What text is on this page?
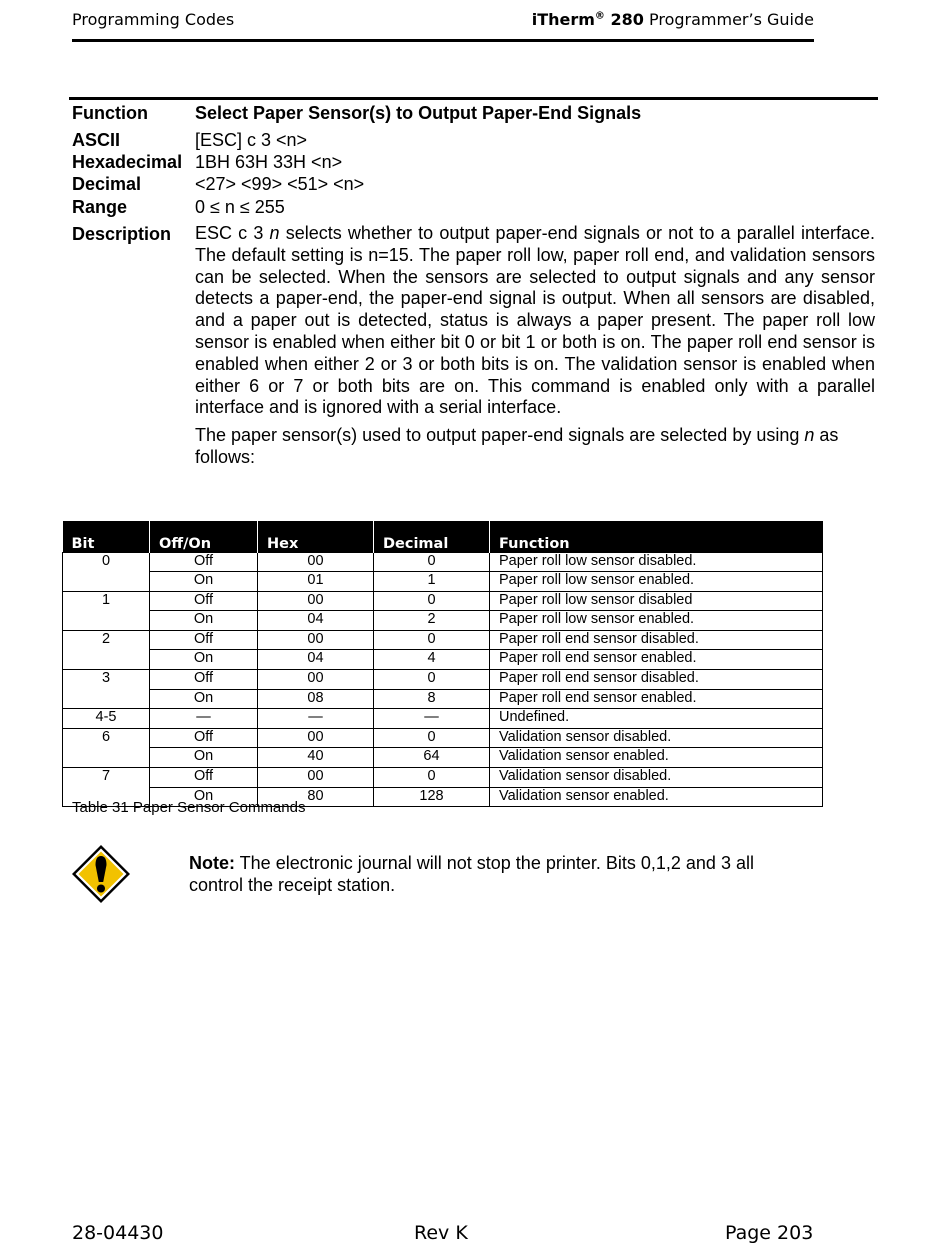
Programming Codes	iTherm® 280 Programmer’s Guide
Function	Select Paper Sensor(s) to Output Paper-End Signals
ASCII	[ESC] c 3 <n>
Hexadecimal 1BH 63H 33H <n>
Decimal	<27> <99> <51> <n>
Range	0 ≤ n ≤ 255
Description ESC c 3 n selects whether to output paper-end signals or not to a parallel interface. The default setting is n=15. The paper roll low, paper roll end, and validation sensors can be selected. When the sensors are selected to output signals and any sensor detects a paper-end, the paper-end signal is output. When all sensors are disabled, and a paper out is detected, status is always a paper present. The paper roll low sensor is enabled when either bit 0 or bit 1 or both is on. The paper roll end sensor is enabled when either 2 or 3 or both bits is on. The validation sensor is enabled when either 6 or 7 or both bits are on. This command is enabled only with a parallel interface and is ignored with a serial interface.

The paper sensor(s) used to output paper-end signals are selected by using n as follows:

Bit	Off/On	Hex	Decimal	Function
0	Off	00	0	Paper roll low sensor disabled.
	On	01	1	Paper roll low sensor enabled.
1	Off	00	0	Paper roll low sensor disabled
	On	04	2	Paper roll low sensor enabled.
2	Off	00	0	Paper roll end sensor disabled.
	On	04	4	Paper roll end sensor enabled.
3	Off	00	0	Paper roll end sensor disabled.
	On	08	8	Paper roll end sensor enabled.
4-5	—	—	—	Undefined.
6	Off	00	0	Validation sensor disabled.
	On	40	64	Validation sensor enabled.
7	Off	00	0	Validation sensor disabled.
	On	80	128	Validation sensor enabled.
Table 31 Paper Sensor Commands
Note: The electronic journal will not stop the printer. Bits 0,1,2 and 3 all control the receipt station.
28-04430	Rev K	Page 203
